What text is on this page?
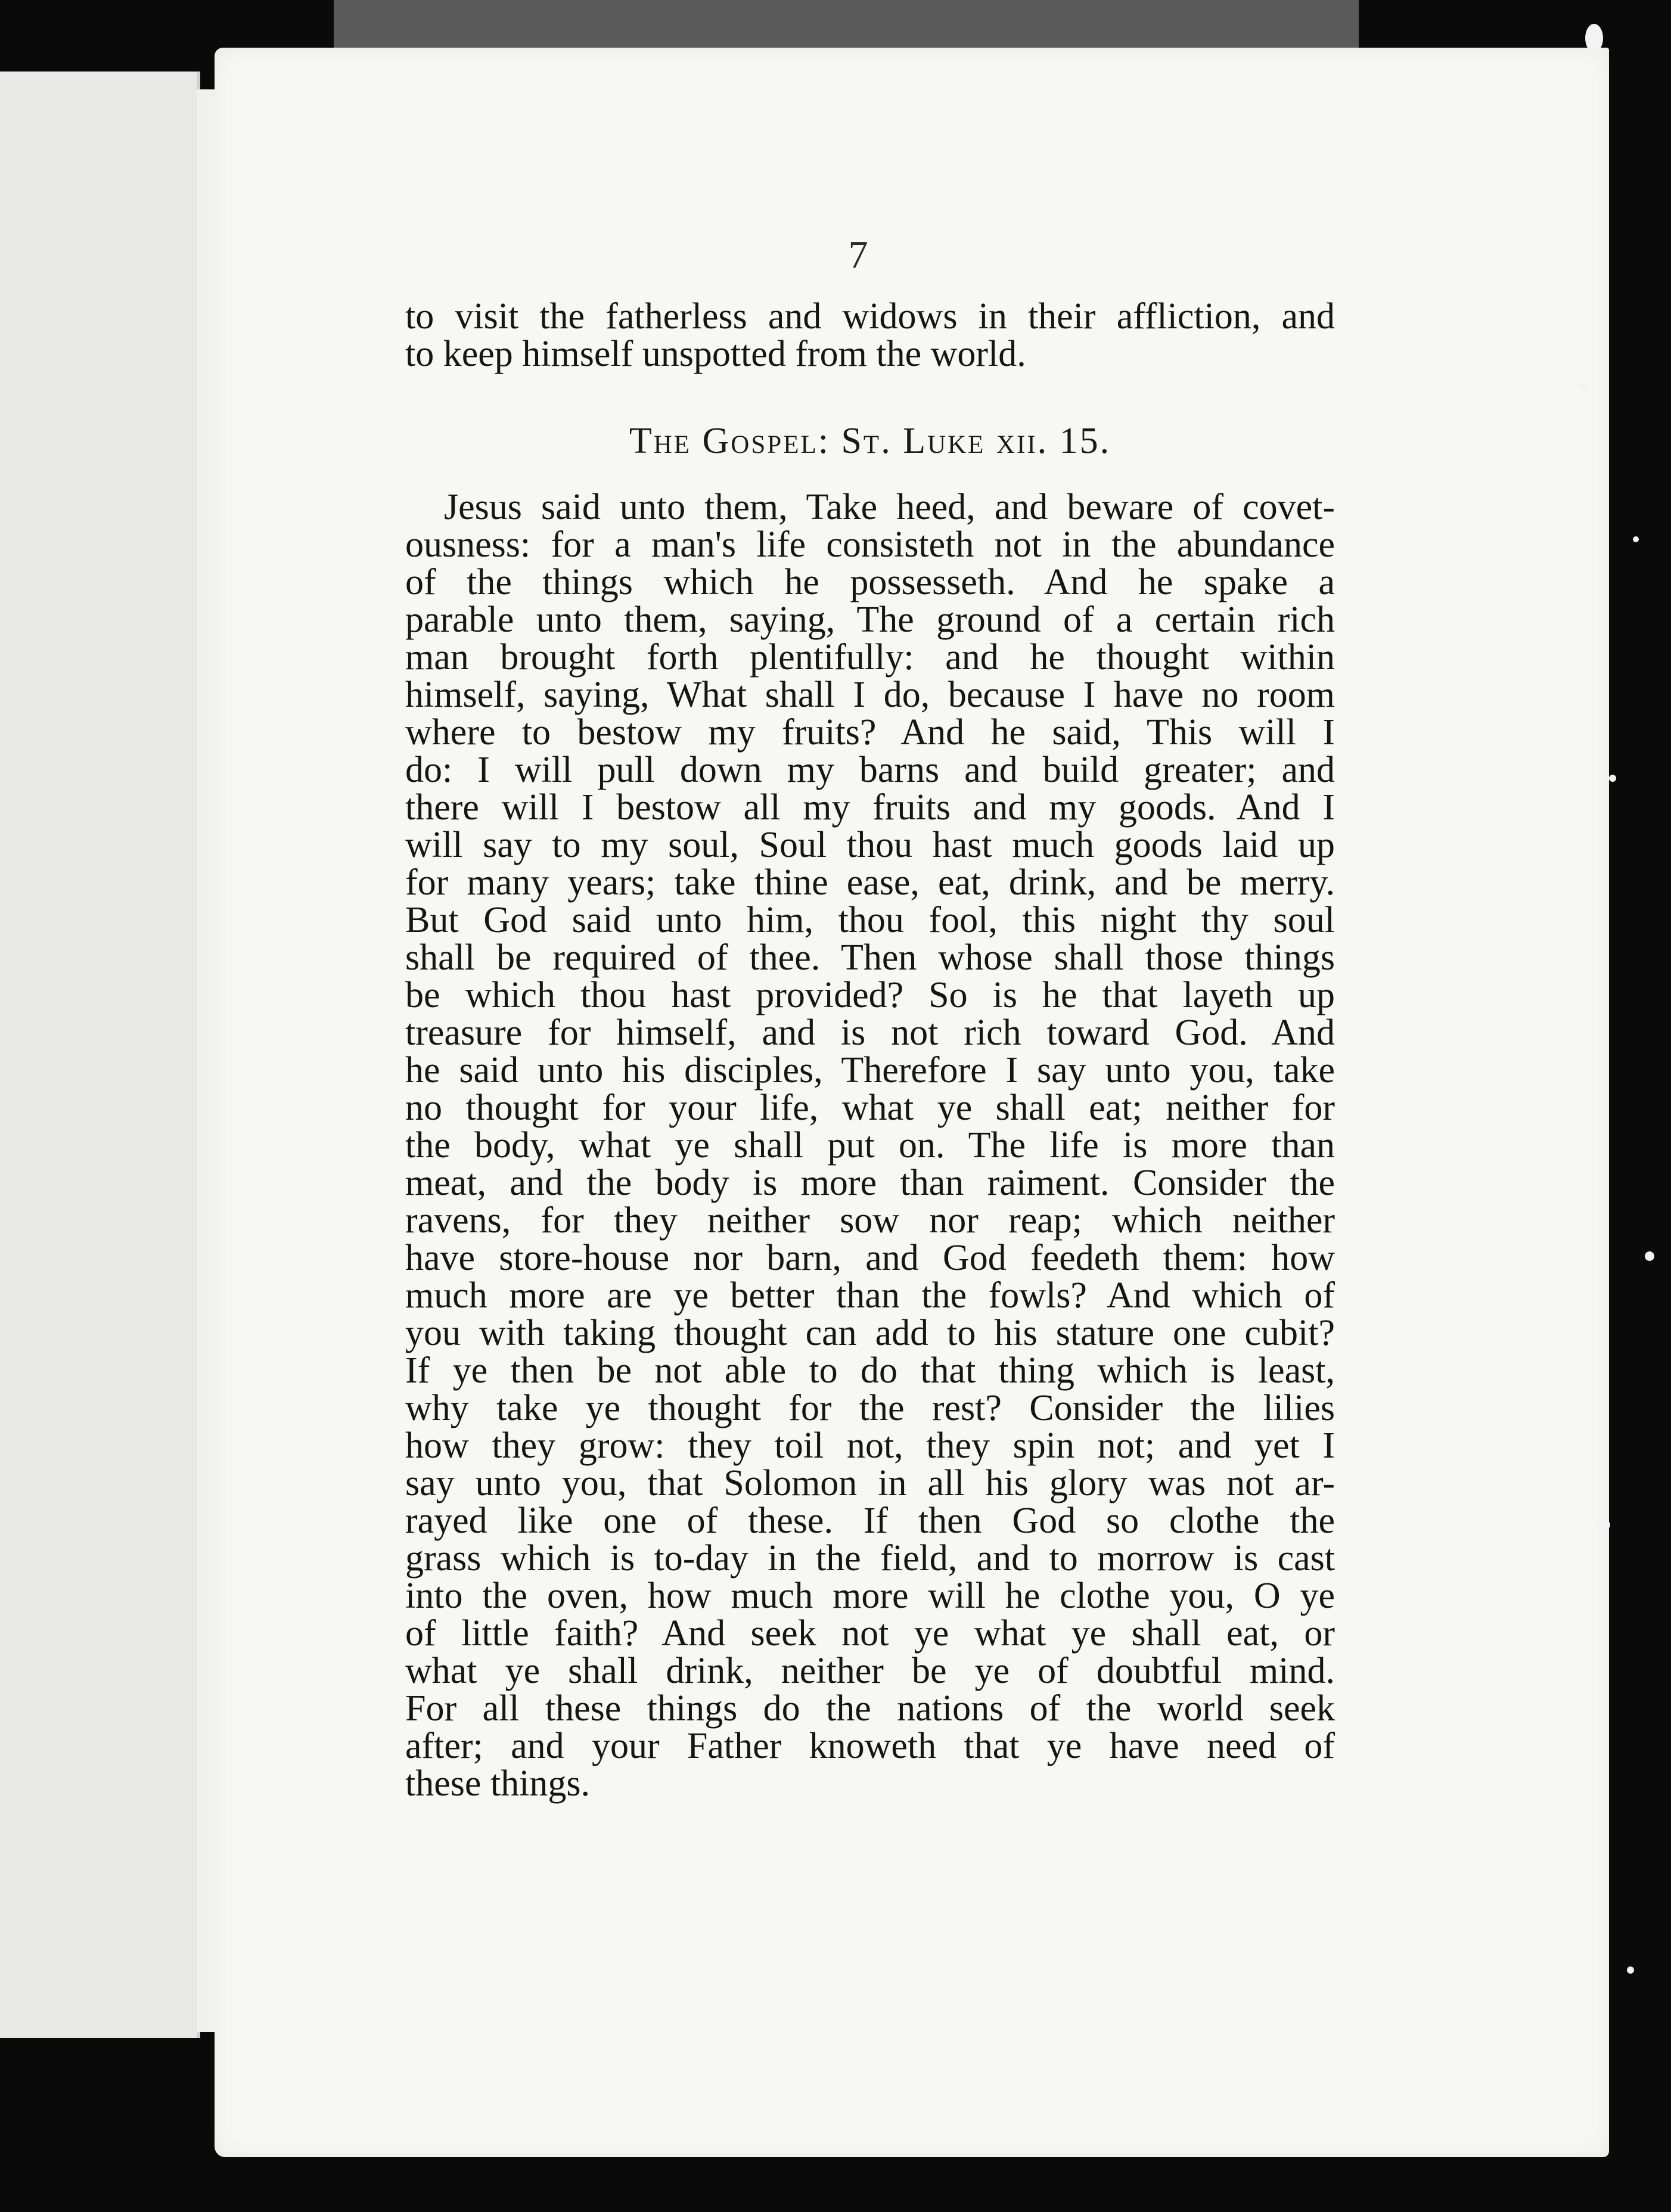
7
to visit the fatherless and widows in their affliction, and
to keep himself unspotted from the world.
The Gospel: St. Luke xii. 15.
Jesus said unto them, Take heed, and beware of covet-
ousness: for a man's life consisteth not in the abundance
of the things which he possesseth. And he spake a
parable unto them, saying, The ground of a certain rich
man brought forth plentifully: and he thought within
himself, saying, What shall I do, because I have no room
where to bestow my fruits? And he said, This will I
do: I will pull down my barns and build greater; and
there will I bestow all my fruits and my goods. And I
will say to my soul, Soul thou hast much goods laid up
for many years; take thine ease, eat, drink, and be merry.
But God said unto him, thou fool, this night thy soul
shall be required of thee. Then whose shall those things
be which thou hast provided? So is he that layeth up
treasure for himself, and is not rich toward God. And
he said unto his disciples, Therefore I say unto you, take
no thought for your life, what ye shall eat; neither for
the body, what ye shall put on. The life is more than
meat, and the body is more than raiment. Consider the
ravens, for they neither sow nor reap; which neither
have store-house nor barn, and God feedeth them: how
much more are ye better than the fowls? And which of
you with taking thought can add to his stature one cubit?
If ye then be not able to do that thing which is least,
why take ye thought for the rest? Consider the lilies
how they grow: they toil not, they spin not; and yet I
say unto you, that Solomon in all his glory was not ar-
rayed like one of these. If then God so clothe the
grass which is to-day in the field, and to morrow is cast
into the oven, how much more will he clothe you, O ye
of little faith? And seek not ye what ye shall eat, or
what ye shall drink, neither be ye of doubtful mind.
For all these things do the nations of the world seek
after; and your Father knoweth that ye have need of
these things.
